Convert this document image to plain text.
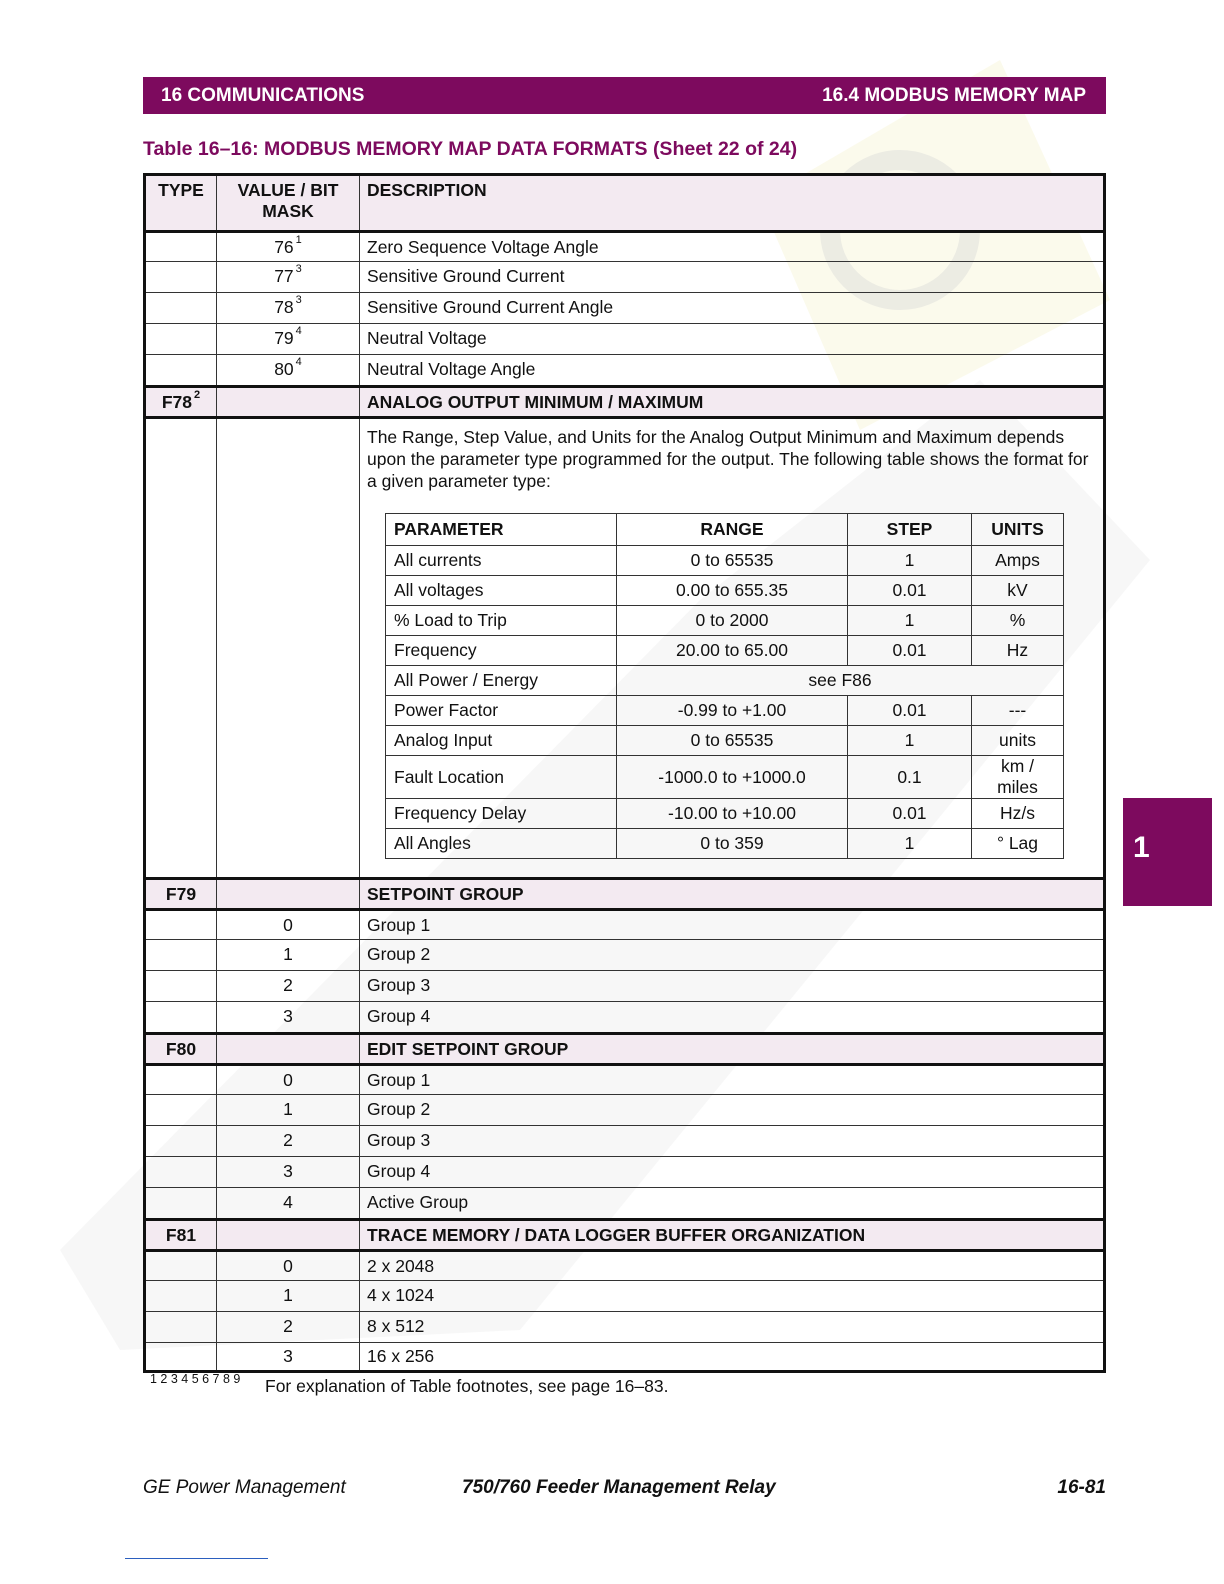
16 COMMUNICATIONS	16.4 MODBUS MEMORY MAP
Table 16–16: MODBUS MEMORY MAP DATA FORMATS (Sheet 22 of 24)
TYPE	VALUE / BIT
MASK
DESCRIPTION
76 $^1$	Zero Sequence Voltage Angle
77 $^3$	Sensitive Ground Current
78 $^3$	Sensitive Ground Current Angle
79 $^4$	Neutral Voltage
80 $^4$	Neutral Voltage Angle
F78 $^2$	ANALOG OUTPUT MINIMUM / MAXIMUM
The Range, Step Value, and Units for the Analog Output Minimum and Maximum depends upon the parameter type programmed for the output. The following table shows the format for a given parameter type:
PARAMETER	RANGE	STEP	UNITS
All currents	0 to 65535	1	Amps
All voltages	0.00 to 655.35	0.01	kV
% Load to Trip	0 to 2000	1	%
Frequency	20.00 to 65.00	0.01	Hz
All Power / Energy	see F86		
Power Factor	-0.99 to +1.00	0.01	---
Analog Input	0 to 65535	1	units
Fault Location	-1000.0 to +1000.0	0.1	km / miles
Frequency Delay	-10.00 to +10.00	0.01	Hz/s
All Angles	0 to 359	1	° Lag
F79	SETPOINT GROUP
0	Group 1
1	Group 2
2	Group 3
3	Group 4
F80	EDIT SETPOINT GROUP
0	Group 1
1	Group 2
2	Group 3
3	Group 4
4	Active Group
F81	TRACE MEMORY / DATA LOGGER BUFFER ORGANIZATION
0	2 x 2048
1	4 x 1024
2	8 x 512
3	16 x 256
1 2 3 4 5 6 7 8 9 For explanation of Table footnotes, see page 16–83.
1
GE Power Management	750/760 Feeder Management Relay	16-81
